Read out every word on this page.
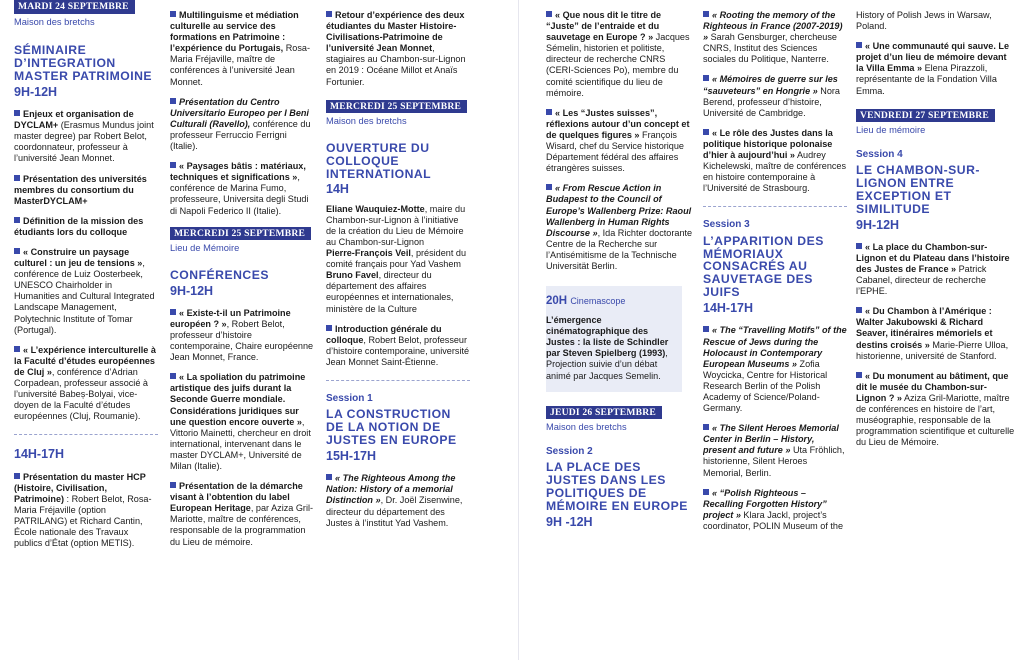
MARDI 24 SEPTEMBRE
Maison des bretchs
SÉMINAIRE D’INTEGRATION MASTER PATRIMOINE
9H-12H
Enjeux et organisation de DYCLAM+ (Erasmus Mundus joint master degree) par Robert Belot, coordonnateur, professeur à l’université Jean Monnet.
Présentation des universités membres du consortium du MasterDYCLAM+
Définition de la mission des étudiants lors du colloque
« Construire un paysage culturel : un jeu de tensions », conférence de Luiz Oosterbeek, UNESCO Chairholder in Humanities and Cultural Integrated Landscape Management, Polytechnic Institute of Tomar (Portugal).
« L’expérience interculturelle à la Faculté d’études européennes de Cluj », conférence d’Adrian Corpadean, professeur associé à l’université Babeș-Bolyai, vice-doyen de la Faculté d’études européennes (Cluj, Roumanie).
14H-17H
Présentation du master HCP (Histoire, Civilisation, Patrimoine) : Robert Belot, Rosa-Maria Fréjaville (option PATRILANG) et Richard Cantin, École nationale des Travaux publics d’État (option METIS).
Multilinguisme et médiation culturelle au service des formations en Patrimoine : l’expérience du Portugais, Rosa-Maria Fréjaville, maître de conférences à l’université Jean Monnet.
Présentation du Centro Universitario Europeo per I Beni Culturali (Ravello), conférence du professeur Ferruccio Ferrigni (Italie).
« Paysages bâtis : matériaux, techniques et significations », conférence de Marina Fumo, professeure, Universita degli Studi di Napoli Federico II (Italie).
MERCREDI 25 SEPTEMBRE
Lieu de Mémoire
CONFÉRENCES
9H-12H
« Existe-t-il un Patrimoine européen ? », Robert Belot, professeur d’histoire contemporaine, Chaire européenne Jean Monnet, France.
« La spoliation du patrimoine artistique des juifs durant la Seconde Guerre mondiale. Considérations juridiques sur une question encore ouverte », Vittorio Mainetti, chercheur en droit international, intervenant dans le master DYCLAM+, Université de Milan (Italie).
Présentation de la démarche visant à l’obtention du label European Heritage, par Aziza Gril-Mariotte, maître de conférences, responsable de la programmation du Lieu de mémoire.
Retour d’expérience des deux étudiantes du Master Histoire-Civilisations-Patrimoine de l’université Jean Monnet, stagiaires au Chambon-sur-Lignon en 2019 : Océane Millot et Anaïs Fortunier.
MERCREDI 25 SEPTEMBRE
Maison des bretchs
OUVERTURE DU COLLOQUE INTERNATIONAL
14H
Eliane Wauquiez-Motte, maire du Chambon-sur-Lignon à l’initiative de la création du Lieu de Mémoire au Chambon-sur-Lignon
Pierre-François Veil, président du comité français pour Yad Vashem
Bruno Favel, directeur du département des affaires européennes et internationales, ministère de la Culture
Introduction générale du colloque, Robert Belot, professeur d’histoire contemporaine, université Jean Monnet Saint-Étienne.
Session 1
LA CONSTRUCTION DE LA NOTION DE JUSTES EN EUROPE
15H-17H
« The Righteous Among the Nation: History of a memorial Distinction », Dr. Joël Zisenwine, directeur du département des Justes à l’institut Yad Vashem.
« Que nous dit le titre de “Juste” de l’entraide et du sauvetage en Europe ? » Jacques Sémelin, historien et politiste, directeur de recherche CNRS (CERI-Sciences Po), membre du comité scientifique du lieu de mémoire.
« Les “Justes suisses”, réflexions autour d’un concept et de quelques figures » François Wisard, chef du Service historique Département fédéral des affaires étrangères suisses.
« From Rescue Action in Budapest to the Council of Europe’s Wallenberg Prize: Raoul Wallenberg in Human Rights Discourse », Ida Richter doctorante Centre de la Recherche sur l’Antisémitisme de la Technische Universität Berlin.
20H Cinemascope

L’émergence cinématographique des Justes : la liste de Schindler par Steven Spielberg (1993), Projection suivie d’un débat animé par Jacques Semelin.

JEUDI 26 SEPTEMBRE
Maison des bretchs
Session 2
LA PLACE DES JUSTES DANS LES POLITIQUES DE MÉMOIRE EN EUROPE
9H -12H
« Rooting the memory of the Righteous in France (2007-2019) » Sarah Gensburger, chercheuse CNRS, Institut des Sciences sociales du Politique, Nanterre.
« Mémoires de guerre sur les “sauveteurs” en Hongrie » Nora Berend, professeur d’histoire, Université de Cambridge.
« Le rôle des Justes dans la politique historique polonaise d’hier à aujourd’hui » Audrey Kichelewski, maître de conférences en histoire contemporaine à l’Université de Strasbourg.
Session 3
L’APPARITION DES MÉMORIAUX CONSACRÉS AU SAUVETAGE DES JUIFS
14H-17H
« The “Travelling Motifs” of the Rescue of Jews during the Holocaust in Contemporary European Museums » Zofia Woycicka, Centre for Historical Research Berlin of the Polish Academy of Science/Poland-Germany.
« The Silent Heroes Memorial Center in Berlin – History, present and future » Uta Fröhlich, historienne, Silent Heroes Memorial, Berlin.
« “Polish Righteous – Recalling Forgotten History” project » Klara Jackl, project’s coordinator, POLIN Museum of the
History of Polish Jews in Warsaw, Poland.
« Une communauté qui sauve. Le projet d’un lieu de mémoire devant la Villa Emma » Elena Pirazzoli, représentante de la Fondation Villa Emma.
VENDREDI 27 SEPTEMBRE
Lieu de mémoire
Session 4
LE CHAMBON-SUR-LIGNON ENTRE EXCEPTION ET SIMILITUDE
9H-12H
« La place du Chambon-sur-Lignon et du Plateau dans l’histoire des Justes de France » Patrick Cabanel, directeur de recherche l’EPHE.
« Du Chambon à l’Amérique : Walter Jakubowski & Richard Seaver, itinéraires mémoriels et destins croisés » Marie-Pierre Ulloa, historienne, université de Stanford.
« Du monument au bâtiment, que dit le musée du Chambon-sur-Lignon ? » Aziza Gril-Mariotte, maître de conférences en histoire de l’art, muséographie, responsable de la programmation scientifique et culturelle du Lieu de Mémoire.
